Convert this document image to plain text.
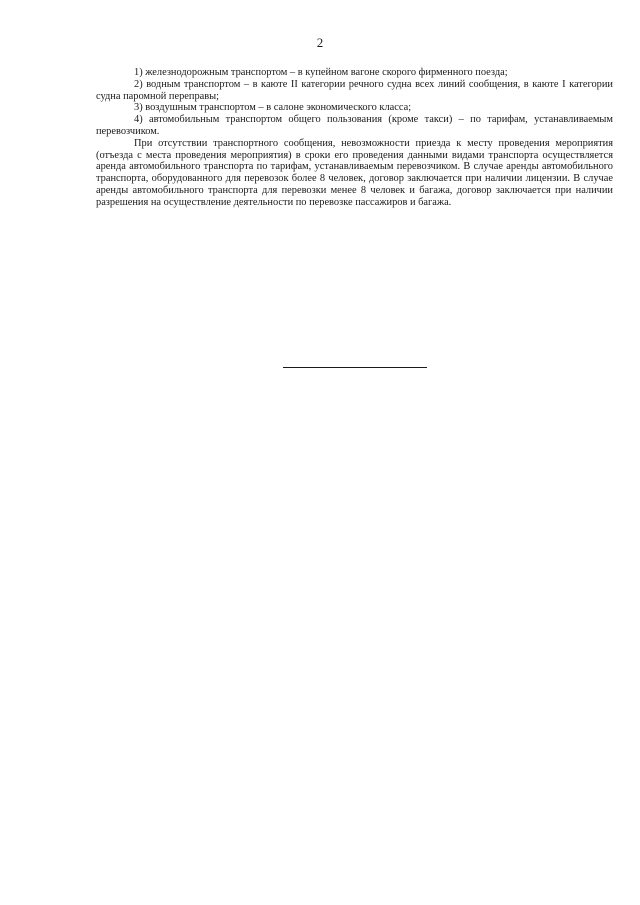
2

1) железнодорожным транспортом – в купейном вагоне скорого фирменного поезда;

2) водным транспортом – в каюте II категории речного судна всех линий сообщения, в каюте I категории судна паромной переправы;

3) воздушным транспортом – в салоне экономического класса;

4) автомобильным транспортом общего пользования (кроме такси) – по тарифам, устанавливаемым перевозчиком.

При отсутствии транспортного сообщения, невозможности приезда к месту проведения мероприятия (отъезда с места проведения мероприятия) в сроки его проведения данными видами транспорта осуществляется аренда автомобильного транспорта по тарифам, устанавливаемым перевозчиком. В случае аренды автомобильного транспорта, оборудованного для перевозок более 8 человек, договор заключается при наличии лицензии. В случае аренды автомобильного транспорта для перевозки менее 8 человек и багажа, договор заключается при наличии разрешения на осуществление деятельности по перевозке пассажиров и багажа.
